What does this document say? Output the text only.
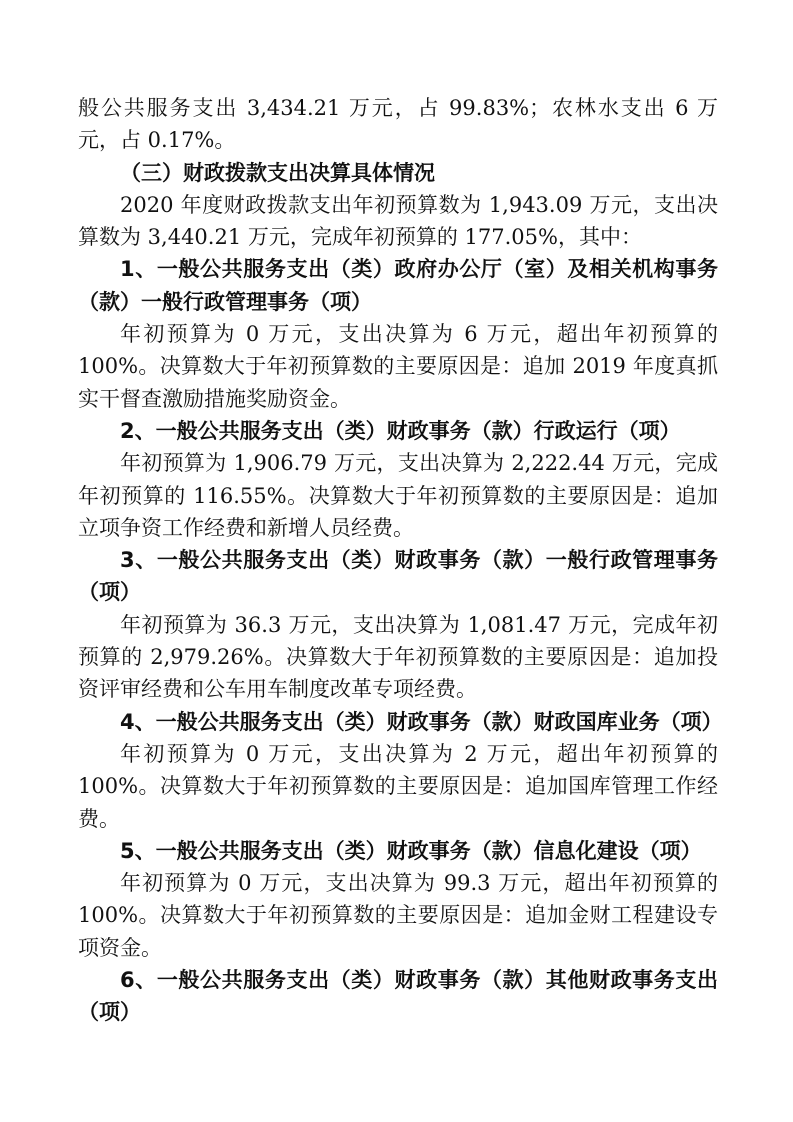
般公共服务支出 3,434.21 万元，占 99.83%；农林水支出 6 万元，占 0.17%。

（三）财政拨款支出决算具体情况

2020 年度财政拨款支出年初预算数为 1,943.09 万元，支出决算数为 3,440.21 万元，完成年初预算的 177.05%，其中：

1、一般公共服务支出（类）政府办公厅（室）及相关机构事务（款）一般行政管理事务（项）

年初预算为 0 万元，支出决算为 6 万元，超出年初预算的 100%。决算数大于年初预算数的主要原因是：追加 2019 年度真抓实干督查激励措施奖励资金。

2、一般公共服务支出（类）财政事务（款）行政运行（项）

年初预算为 1,906.79 万元，支出决算为 2,222.44 万元，完成年初预算的 116.55%。决算数大于年初预算数的主要原因是：追加立项争资工作经费和新增人员经费。

3、一般公共服务支出（类）财政事务（款）一般行政管理事务（项）

年初预算为 36.3 万元，支出决算为 1,081.47 万元，完成年初预算的 2,979.26%。决算数大于年初预算数的主要原因是：追加投资评审经费和公车用车制度改革专项经费。

4、一般公共服务支出（类）财政事务（款）财政国库业务（项）

年初预算为 0 万元，支出决算为 2 万元，超出年初预算的 100%。决算数大于年初预算数的主要原因是：追加国库管理工作经费。

5、一般公共服务支出（类）财政事务（款）信息化建设（项）

年初预算为 0 万元，支出决算为 99.3 万元，超出年初预算的 100%。决算数大于年初预算数的主要原因是：追加金财工程建设专项资金。

6、一般公共服务支出（类）财政事务（款）其他财政事务支出（项）
